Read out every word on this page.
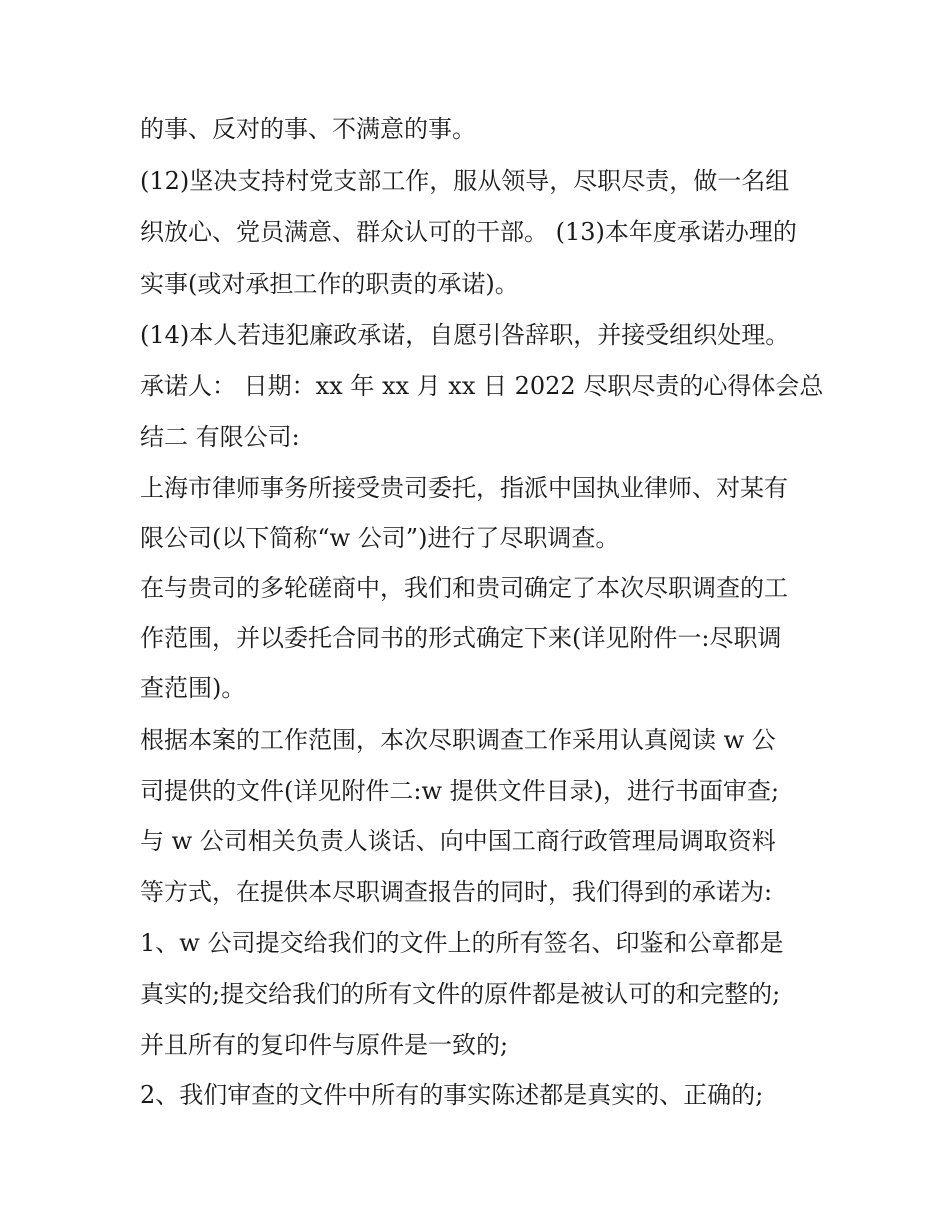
的事、反对的事、不满意的事。
(12)坚决支持村党支部工作，服从领导，尽职尽责，做一名组
织放心、党员满意、群众认可的干部。 (13)本年度承诺办理的
实事(或对承担工作的职责的承诺)。
(14)本人若违犯廉政承诺，自愿引咎辞职，并接受组织处理。
承诺人： 日期：xx 年 xx 月 xx 日 2022 尽职尽责的心得体会总
结二 有限公司:
上海市律师事务所接受贵司委托，指派中国执业律师、对某有
限公司(以下简称“w 公司”)进行了尽职调查。
在与贵司的多轮磋商中，我们和贵司确定了本次尽职调查的工
作范围，并以委托合同书的形式确定下来(详见附件一:尽职调
查范围)。
根据本案的工作范围，本次尽职调查工作采用认真阅读 w 公
司提供的文件(详见附件二:w 提供文件目录)，进行书面审查;
与 w 公司相关负责人谈话、向中国工商行政管理局调取资料
等方式，在提供本尽职调查报告的同时，我们得到的承诺为:
1、w 公司提交给我们的文件上的所有签名、印鉴和公章都是
真实的;提交给我们的所有文件的原件都是被认可的和完整的;
并且所有的复印件与原件是一致的;
2、我们审查的文件中所有的事实陈述都是真实的、正确的;
